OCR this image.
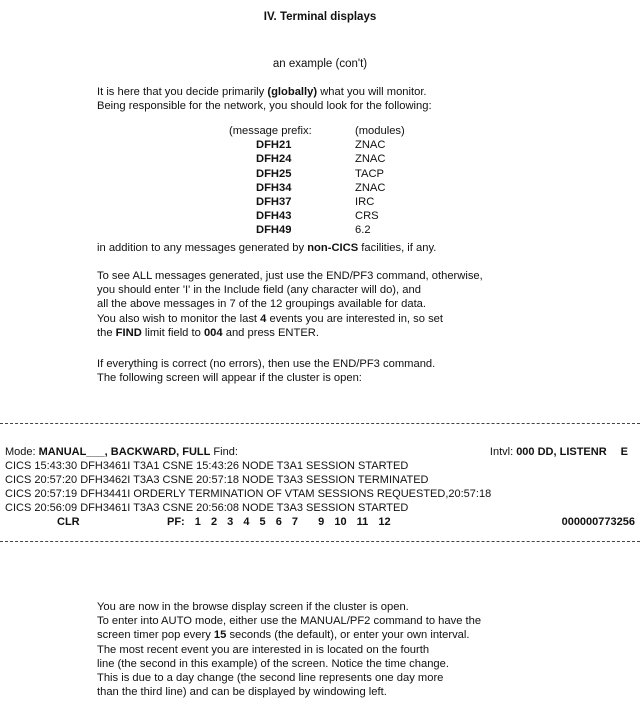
IV. Terminal displays
an example (con't)
It is here that you decide primarily (globally) what you will monitor.
Being responsible for the network, you should look for the following:
(message prefix:	(modules)
DFH21	ZNAC
DFH24	ZNAC
DFH25	TACP
DFH34	ZNAC
DFH37	IRC
DFH43	CRS
DFH49	6.2
in addition to any messages generated by non-CICS facilities, if any.
To see ALL messages generated, just use the END/PF3 command, otherwise,
you should enter 'I' in the Include field (any character will do), and
all the above messages in 7 of the 12 groupings available for data.
You also wish to monitor the last 4 events you are interested in, so set
the FIND limit field to 004 and press ENTER.
If everything is correct (no errors), then use the END/PF3 command.
The following screen will appear if the cluster is open:
Mode: MANUAL___, BACKWARD, FULL Find:	Intvl: 000 DD, LISTENR E
CICS 15:43:30 DFH3461I T3A1 CSNE 15:43:26 NODE T3A1 SESSION STARTED
CICS 20:57:20 DFH3462I T3A3 CSNE 20:57:18 NODE T3A3 SESSION TERMINATED
CICS 20:57:19 DFH3441I ORDERLY TERMINATION OF VTAM SESSIONS REQUESTED,20:57:18
CICS 20:56:09 DFH3461I T3A3 CSNE 20:56:08 NODE T3A3 SESSION STARTED
CLR	PF: 1 2 3 4 5 6 7 9 10 11 12	000000773256
You are now in the browse display screen if the cluster is open.
To enter into AUTO mode, either use the MANUAL/PF2 command to have the
screen timer pop every 15 seconds (the default), or enter your own interval.
The most recent event you are interested in is located on the fourth
line (the second in this example) of the screen. Notice the time change.
This is due to a day change (the second line represents one day more
than the third line) and can be displayed by windowing left.
